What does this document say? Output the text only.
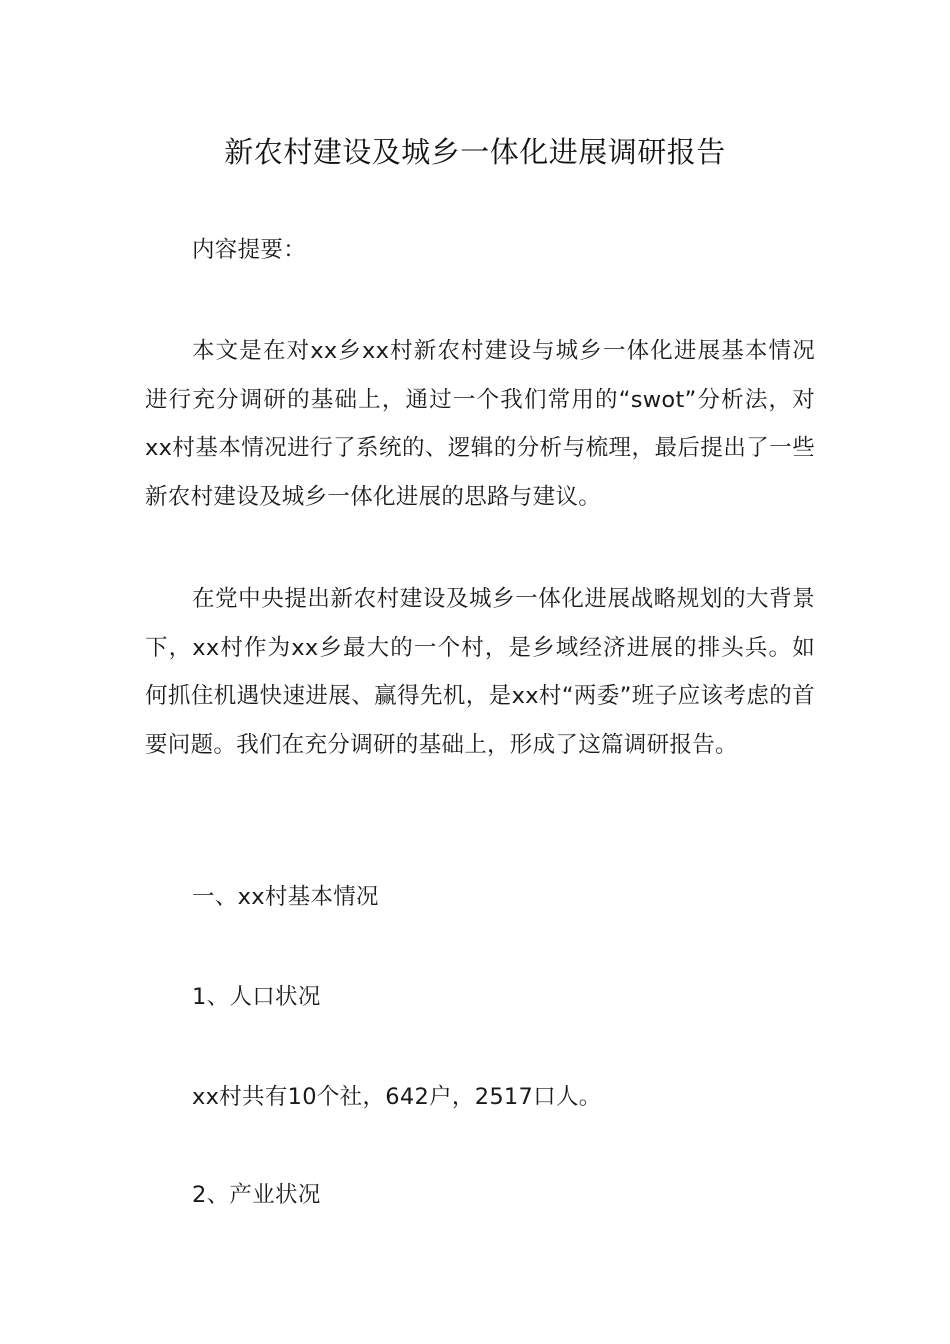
新农村建设及城乡一体化进展调研报告

内容提要：

本文是在对xx乡xx村新农村建设与城乡一体化进展基本情况进行充分调研的基础上，通过一个我们常用的“swot”分析法，对xx村基本情况进行了系统的、逻辑的分析与梳理，最后提出了一些新农村建设及城乡一体化进展的思路与建议。

在党中央提出新农村建设及城乡一体化进展战略规划的大背景下，xx村作为xx乡最大的一个村，是乡域经济进展的排头兵。如何抓住机遇快速进展、赢得先机，是xx村“两委”班子应该考虑的首要问题。我们在充分调研的基础上，形成了这篇调研报告。

一、xx村基本情况

1、人口状况

xx村共有10个社，642户，2517口人。

2、产业状况
